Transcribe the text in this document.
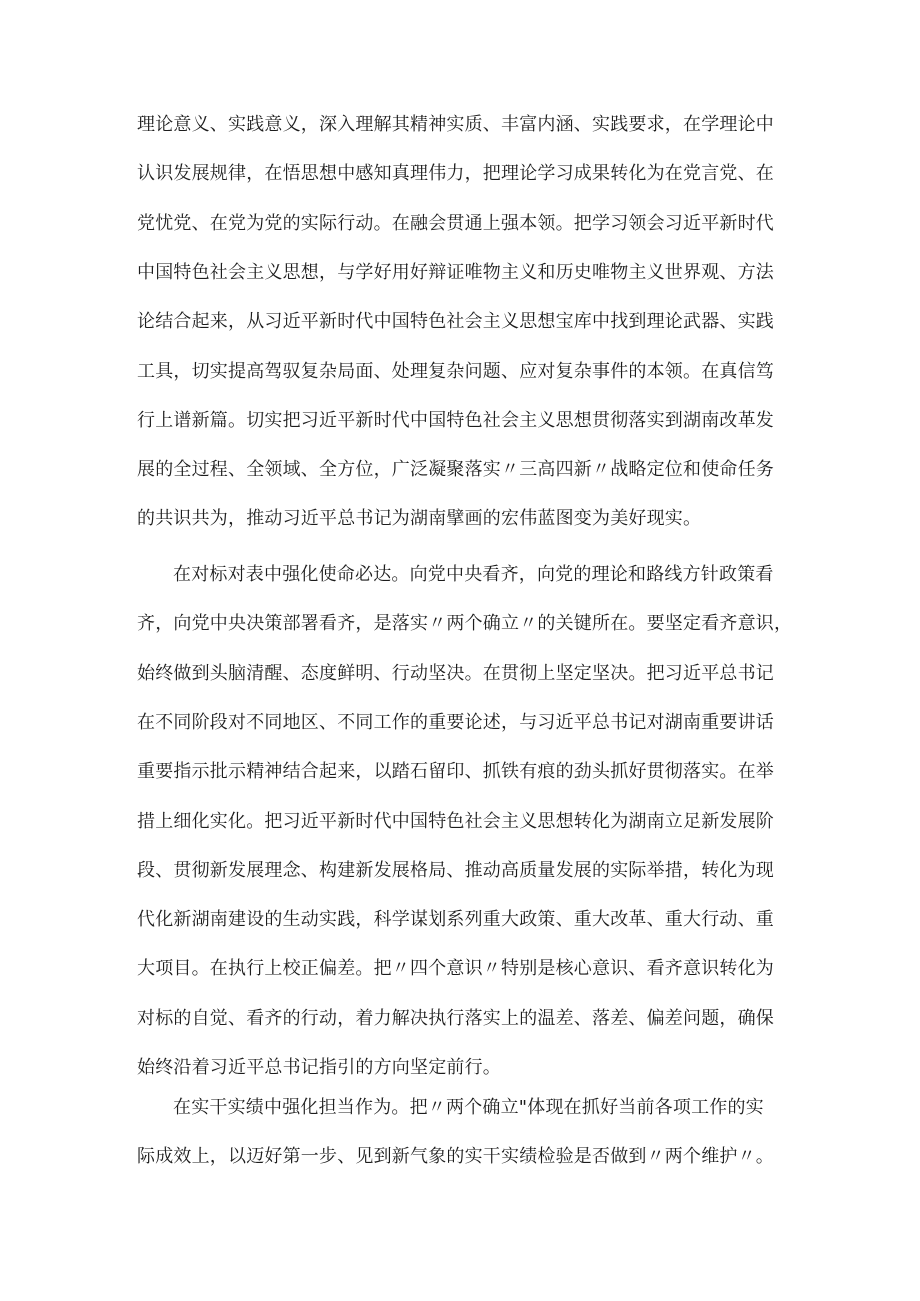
理论意义、实践意义，深入理解其精神实质、丰富内涵、实践要求，在学理论中

认识发展规律，在悟思想中感知真理伟力，把理论学习成果转化为在党言党、在

党忧党、在党为党的实际行动。在融会贯通上强本领。把学习领会习近平新时代

中国特色社会主义思想，与学好用好辩证唯物主义和历史唯物主义世界观、方法

论结合起来，从习近平新时代中国特色社会主义思想宝库中找到理论武器、实践

工具，切实提高驾驭复杂局面、处理复杂问题、应对复杂事件的本领。在真信笃

行上谱新篇。切实把习近平新时代中国特色社会主义思想贯彻落实到湖南改革发

展的全过程、全领域、全方位，广泛凝聚落实〃三高四新〃战略定位和使命任务

的共识共为，推动习近平总书记为湖南擘画的宏伟蓝图变为美好现实。

在对标对表中强化使命必达。向党中央看齐，向党的理论和路线方针政策看

齐，向党中央决策部署看齐，是落实〃两个确立〃的关键所在。要坚定看齐意识，

始终做到头脑清醒、态度鲜明、行动坚决。在贯彻上坚定坚决。把习近平总书记

在不同阶段对不同地区、不同工作的重要论述，与习近平总书记对湖南重要讲话

重要指示批示精神结合起来，以踏石留印、抓铁有痕的劲头抓好贯彻落实。在举

措上细化实化。把习近平新时代中国特色社会主义思想转化为湖南立足新发展阶

段、贯彻新发展理念、构建新发展格局、推动高质量发展的实际举措，转化为现

代化新湖南建设的生动实践，科学谋划系列重大政策、重大改革、重大行动、重

大项目。在执行上校正偏差。把〃四个意识〃特别是核心意识、看齐意识转化为

对标的自觉、看齐的行动，着力解决执行落实上的温差、落差、偏差问题，确保

始终沿着习近平总书记指引的方向坚定前行。

在实干实绩中强化担当作为。把〃两个确立"体现在抓好当前各项工作的实

际成效上，以迈好第一步、见到新气象的实干实绩检验是否做到〃两个维护〃。
